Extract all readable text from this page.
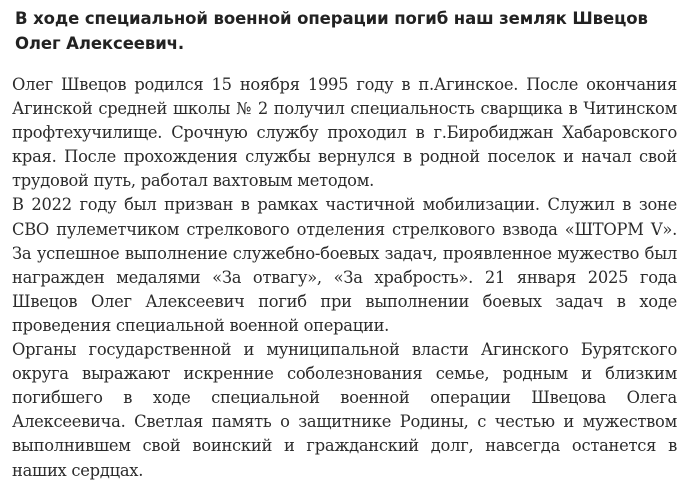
В ходе специальной военной операции погиб наш земляк Швецов Олег Алексеевич.

Олег Швецов родился 15 ноября 1995 году в п.Агинское. После окончания Агинской средней школы № 2 получил специальность сварщика в Читинском профтехучилище. Срочную службу проходил в г.Биробиджан Хабаровского края. После прохождения службы вернулся в родной поселок и начал свой трудовой путь, работал вахтовым методом.

В 2022 году был призван в рамках частичной мобилизации. Служил в зоне СВО пулеметчиком стрелкового отделения стрелкового взвода «ШТОРМ V». За успешное выполнение служебно-боевых задач, проявленное мужество был награжден медалями «За отвагу», «За храбрость». 21 января 2025 года Швецов Олег Алексеевич погиб при выполнении боевых задач в ходе проведения специальной военной операции.

Органы государственной и муниципальной власти Агинского Бурятского округа выражают искренние соболезнования семье, родным и близким погибшего в ходе специальной военной операции Швецова Олега Алексеевича. Светлая память о защитнике Родины, с честью и мужеством выполнившем свой воинский и гражданский долг, навсегда останется в наших сердцах.
